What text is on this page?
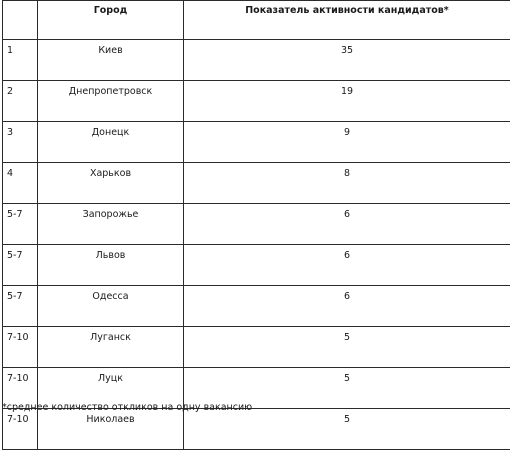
	Город	Показатель активности кандидатов*
1	Киев	35
2	Днепропетровск	19
3	Донецк	9
4	Харьков	8
5-7	Запорожье	6
5-7	Львов	6
5-7	Одесса	6
7-10	Луганск	5
7-10	Луцк	5
7-10	Николаев	5
*среднее количество откликов на одну вакансию
